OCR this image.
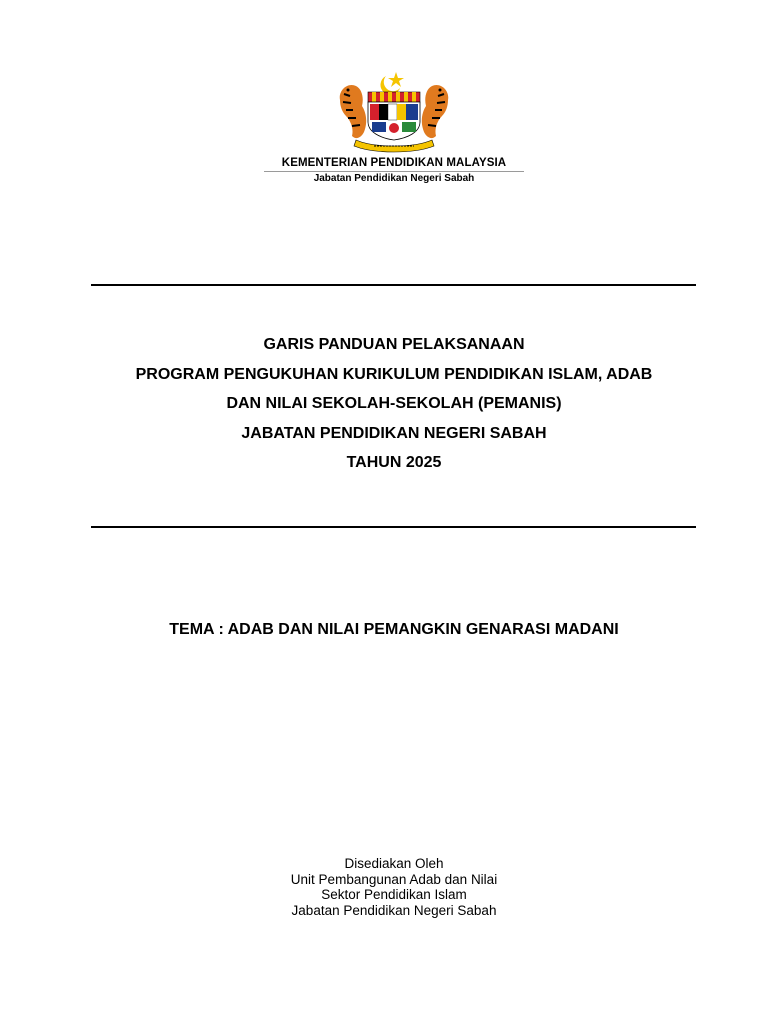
KEMENTERIAN PENDIDIKAN MALAYSIA
Jabatan Pendidikan Negeri Sabah
GARIS PANDUAN PELAKSANAAN
PROGRAM PENGUKUHAN KURIKULUM PENDIDIKAN ISLAM, ADAB
DAN NILAI SEKOLAH-SEKOLAH (PEMANIS)
JABATAN PENDIDIKAN NEGERI SABAH
TAHUN 2025
TEMA : ADAB DAN NILAI PEMANGKIN GENARASI MADANI
Disediakan Oleh
Unit Pembangunan Adab dan Nilai
Sektor Pendidikan Islam
Jabatan Pendidikan Negeri Sabah
